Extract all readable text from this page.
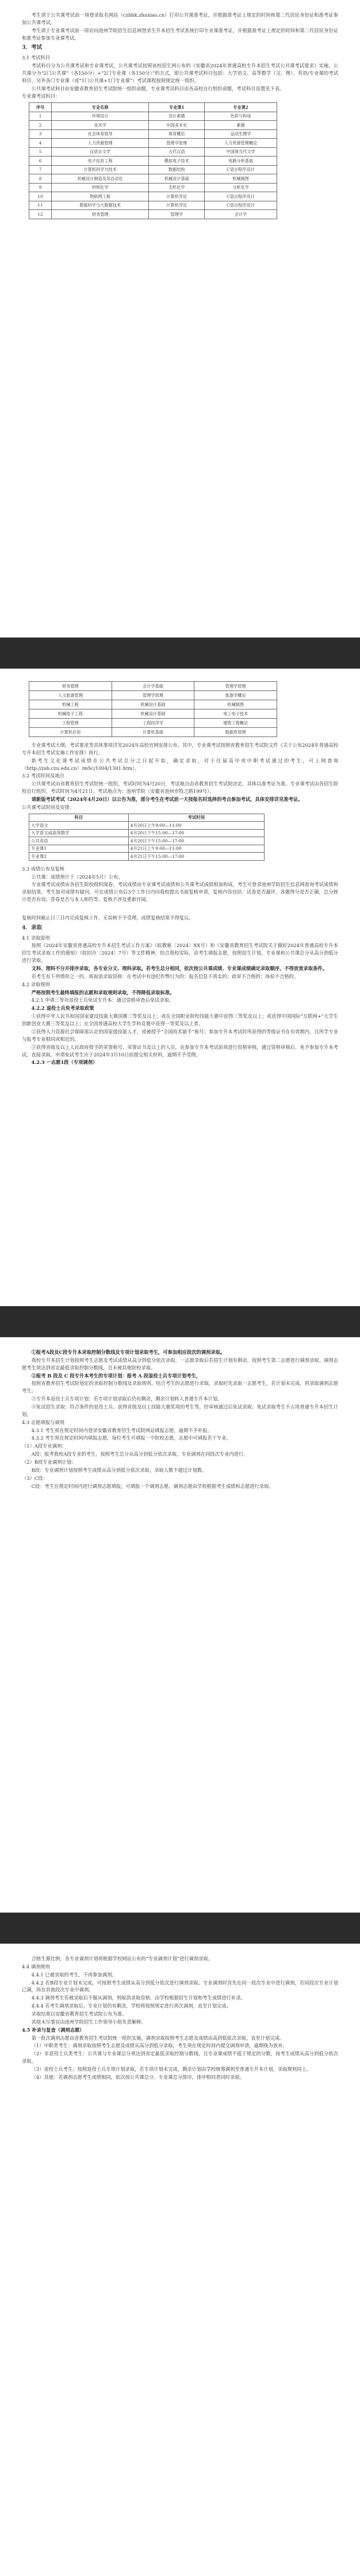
考生请于公共课考试前一周登录报名网站（czbhk.zhuxiao.cn）打印公共课准考证，并根据准考证上规定的时间和第二代居民身份证和准考证参加公共课考试。

考生请于专业课考试前一周访问池州学院招生信息网登录生升本招生考试系统打印专业课准考证，并根据准考证上规定的时间和第二代居民身份证和准考证参加专业课考试。

3．考试

3.1 考试科目

考试科目分为公共课考试和专业课考试，公共课考试按照该校招生网公布的《安徽省2024年普通高校专升本招生考试公共课考试要求》实施。公共课分为“2门公共课”（各150分）+“2门专业课（各150分）”的方式，即公共课考试科目包括：大学语文、高等数学（文、理）、英语/专业课的考试科目，另外各门专业课（或“1门公共课+1门专业课”）考试课程按照规定统一组织。

公共课考试科目由安徽省教育招生考试院统一组织命题，专业课考试科目由各高校自行组织命题，考试科目设置见下表。

专业课考试科目：

序号	专业名称	专业课1	专业课2
1	环境设计	设计素描	色彩与构成
2	美术学	中国美术史	素描
3	社会体育指导	体育概论	运动生理学
4	人力资源管理	管理学原理	人力资源管理概论
5	汉语言文学	古代汉语	中国现当代文学
6	电子信息工程	模拟电子技术	电路分析基础
7	计算机科学与技术	数据结构	C语言程序设计
8	机械设计制造及其自动化	机械设计基础	机械制图
9	材料化学	无机化学	分析化学
10	物联网工程	计算机导论	C语言程序设计
11	数据科学与大数据技术	计算机导论	C语言程序设计
12	财务管理	管理学	会计学
财务管理	会计学基础	管理学原理
人文旅游管理	管理学原理	旅游学概论
机械工程	机械设计基础	机械制图
机械电子工程	机械设计基础	电工电子技术
工程管理	工程经济学	建筑工程概论
计算机应用	计算机基础	数据库原理

专业课考试大纲、考试要求等具体事项详见2024年高校官网安排公布。其中，专业课考试按照省教育招生考试院文件《关于公布2024年普通高校专升本招生考试实施工作安排》执行。

新考生文化课考试成绩在公共考试总分之日起开始，确定录取，对于往届高中或中职考试通过的考生，可上网查询（http://zsb.czu.edu.cn）/mSc/1004/1301.htm）。

3.2 考试时间及地点

公共课考试由省教育招生考试院统一组织，考试时间为4月20日，考试地点由省教育招生考试院决定，具体以准考证为准。专业课考试由各招生院校自行组织，考试时间为4月21日，考试地点为：池州学院（安徽省池州市牧之路199号）。

请新版考试考试（2024年4月20日）以公告为准，部分考生在考试前一天按报名时选择的考点参加考试，具体安排详见准考证。

公共课考试时间及安排：

科目	考试时间
大学语文	4月20日上午9:00—11:00
大学语文或高等数学	4月20日下午15:00—17:00
公共英语	4月20日下午15:00—17:00
专业课1	4月21日上午9:00—11:00
专业课2	4月21日下午15:00—17:00

3.3 成绩公布及复核

公共课：成绩预计于（2024年5月）公布。

专业课考试成绩由各招生院校组织阅卷，考试成绩由专业课考试成绩和公共课考试成绩相加构成，考生可登录池州学院招生信息网查询考试成绩和录取结果，考生如对成绩有疑问，可在成绩公布后3个工作日内向我校提出书面复核申请。复核内容包括：试卷是否漏评，各题得分是否正确，总分统计是否有误，答卷是否与本人相符等。复核不涉及重新评阅。

复核时间截止日三日内完成复核工作，无误核不予受理，成绩复核结果不得复议。

4．录取

4.1 录取原则

按照《2024年安徽省普通高校专升本招生考试工作方案》（皖教秘〔2024〕XX号）和《安徽省教育招生考试院关于做好2024年普通高校专升本招生考试录取工作的通知》（皖招办〔2024〕7号）等文件精神，结合我校实际，由考生填报志愿，按照招生计划，专业课和公共课总分从高分到低分进行录取。

文科、理科不分开排序录取，各专业分文、理科录取。若考生总分相同，依次按公共课成绩、专业课成绩确定录取顺序，不得放宽录取条件。

若考生有下列情形之一的，将取消录取资格：在考试中有违纪作弊行为的；报名信息不真实的；政审不合格的；体检不合格的。

4.2 录取规则

严格按照考生最终填报的志愿和录取规则录取，不得降低录取标准。

4.2.1 申请三等功退役士兵免试专升本：通过资格审查后免试录取。

4.2.2 退役士兵免考录取政策

①获得中华人民共和国国家建设技能大赛国赛三等奖及以上；或在全国职业院校技能大赛中获得三等奖及以上；或获得中国国际“互联网+”大学生创新创业大赛三等奖及以上；在全国普通高校大学生学科竞赛中获得一等奖及以上者。

②获得人力资源社会保障部认定的国家级技能人才，或被授予“全国技术能手”称号；参加专升本考试时所获得的等级证书在有效期内，且所学专业与报考专业相同或相近的。

③获得省级及以上人民政府授予的荣誉称号、荣誉证书及以上的人员，在参加专升本考试前须进行资格审核，通过资格审核后，免予参加专升本考试，直接录取。申请免试考生应于2024年3月10日前提交相关材料，逾期不予受理。

4.2.3 一志愿1段（专项调剂）

①报考A段及C段专升本录取控制分数线及专项计划录取考生，可参加相应段次的调剂录取。

我校专升本招生计划按照考生志愿及考试成绩从高分到低分依次录取，一志愿录取后若招生计划有剩余，按照考生第二志愿进行调剂录取，调剂志愿考生须达到省定最低录取控制分数线，且未被其他院校录取。

②报考 B 段及 C 段专升本考生的专项计划：报考 A 段退役士兵专项计划考生，

按照省教育招生考试院划定的录取控制分数线及录取规则，结合考生的志愿进行录取，录取时先录取一志愿考生，若计划未完成，再录取调剂志愿考生。

③专升本退役士兵专项计划：若专项计划录取后仍有剩余，剩余计划转入普通专升本计划。

④免试招生录取：符合条件的退役士兵、获得省级及以上技能大赛奖项的考生等，经审核通过后免试录取；免试录取考生不占用普通专升本招生计划。

4.3 志愿填报与调剂

4.3.1 考生须在规定时间内登录安徽省教育招生考试院网站填报志愿，逾期不予补报。

4.3.2 考生须在规定时间内填报志愿，每位考生可填报一个院校志愿，志愿中可填报若干专业。

（1）A段专业调剂：

A段：报考我校A段专业的考生，按照考生总分从高分到低分依次录取，专业调剂在同段次专业内进行。

（2）B段专业调剂计划：

B段：专业调剂计划按照考生成绩从高分到低分依次录取，录取人数不超过计划数。

（3）C段：

C段：考生在规定时间内进行调剂志愿填报，可填报一个调剂志愿，调剂志愿由学校根据考生成绩和志愿进行录取。

合格生源比例，各专业调剂计划将根据学校网站公布的“专业调剂计划”进行调剂录取。

4.4 调剂规则

4.4.1 已被录取的考生，不再参加调剂。

4.4.2 若B段专业计划未完成，可按照考生成绩从高分到低分依次进行调剂录取。专业调剂时首先在同一段次专业中进行调剂，若同段次专业计划已满，再在其他段次专业中调剂。

4.4.3 调剂考生若被录取后不服从调剂，则取消录取资格，由学校根据招生计划和考生成绩进行补录。

4.4.4 若考生调剂录取后，专业计划仍有剩余，学校将按照规定进行再次调剂，直至计划完成。

录取结果以安徽省教育招生考试院公布为准。

其他未尽事宜由池州学院招生工作领导小组负责解释。

4.5 补录与复查（调剂志愿）

第一批次调剂志愿由省教育招生考试院统一组织实施，调剂录取按照考生志愿及成绩由高到低依次录取，直至计划完成。

（1）中职类考生：调剂录取按照考生志愿及成绩从高分到低分录取，考生须在规定时间内提交调剂申请，逾期视为放弃。

（2）非退役士兵类考生：公共课与专业课总分须达到省定最低录取控制分数线，且专业课成绩不低于规定的分数，按考生成绩从高分到低分依次录取。

（3）退役士兵考生：按照退役士兵专项计划录取，若专项计划未完成，剩余计划由学校统筹调剂至普通专升本计划，录取规则同上。

（4）其他：若调剂志愿考生成绩相同，依次按公共课总分、专业课总分排序，排序相同者同时录取。
